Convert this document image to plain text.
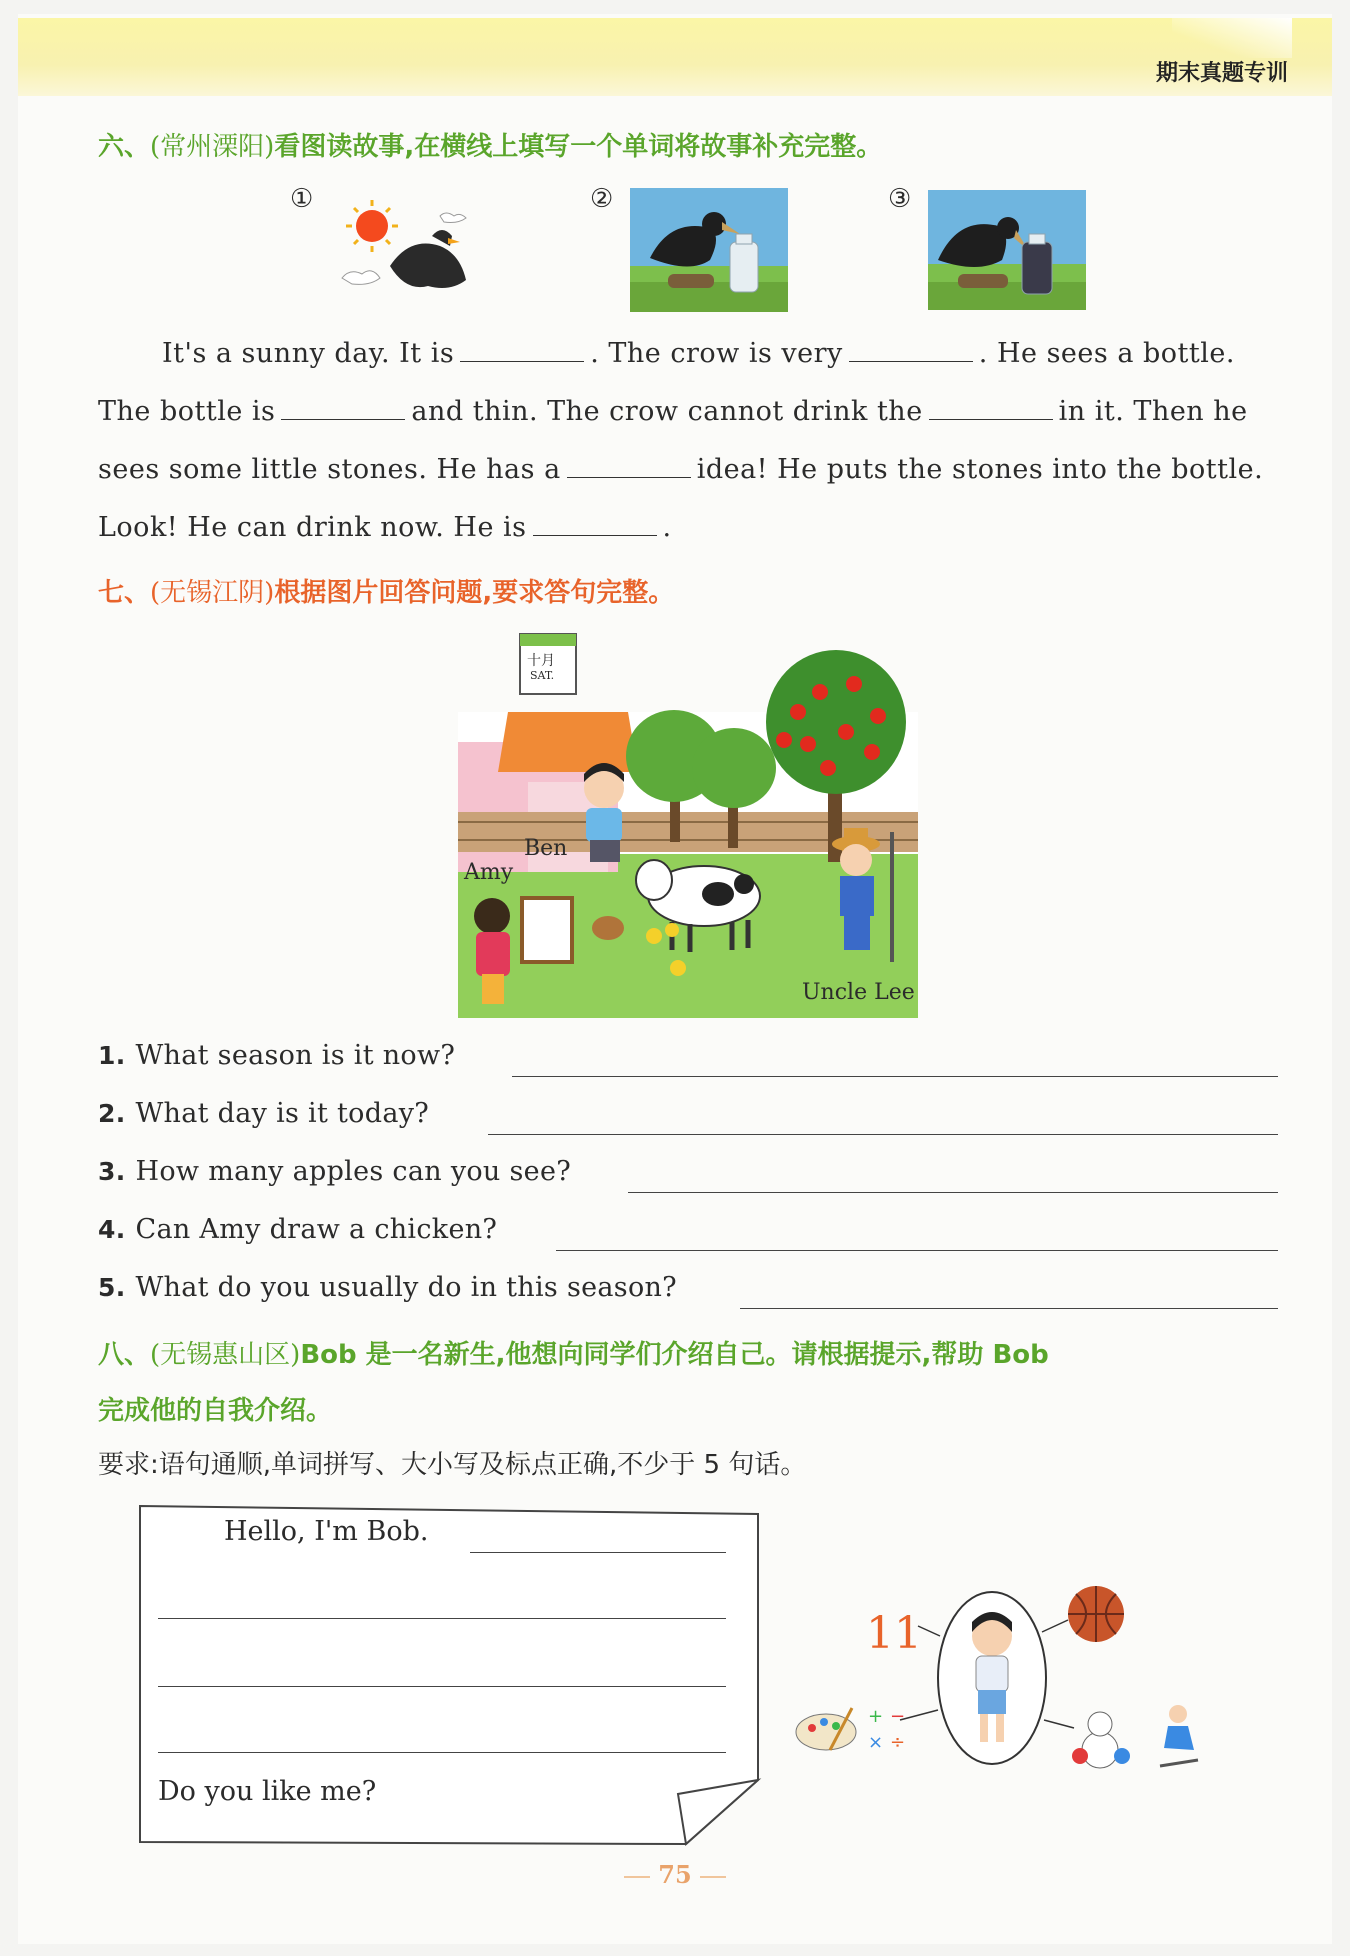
期末真题专训
六、(常州溧阳)看图读故事,在横线上填写一个单词将故事补充完整。
①	②	③

It's a sunny day. It is	. The crow is very	. He sees a bottle.

The bottle is	and thin. The crow cannot drink the	in it. Then he

sees some little stones. He has a	idea! He puts the stones into the bottle.

Look! He can drink now. He is	.

七、(无锡江阴)根据图片回答问题,要求答句完整。
十月
SAT.
Ben
Amy
Uncle Lee
1. What season is it now?
2. What day is it today?
3. How many apples can you see?
4. Can Amy draw a chicken?
5. What do you usually do in this season?
八、(无锡惠山区)Bob 是一名新生,他想向同学们介绍自己。请根据提示,帮助 Bob
完成他的自我介绍。
要求:语句通顺,单词拼写、大小写及标点正确,不少于 5 句话。
Hello, I'm Bob.
Do you like me?
11
+ −
× ÷
75
